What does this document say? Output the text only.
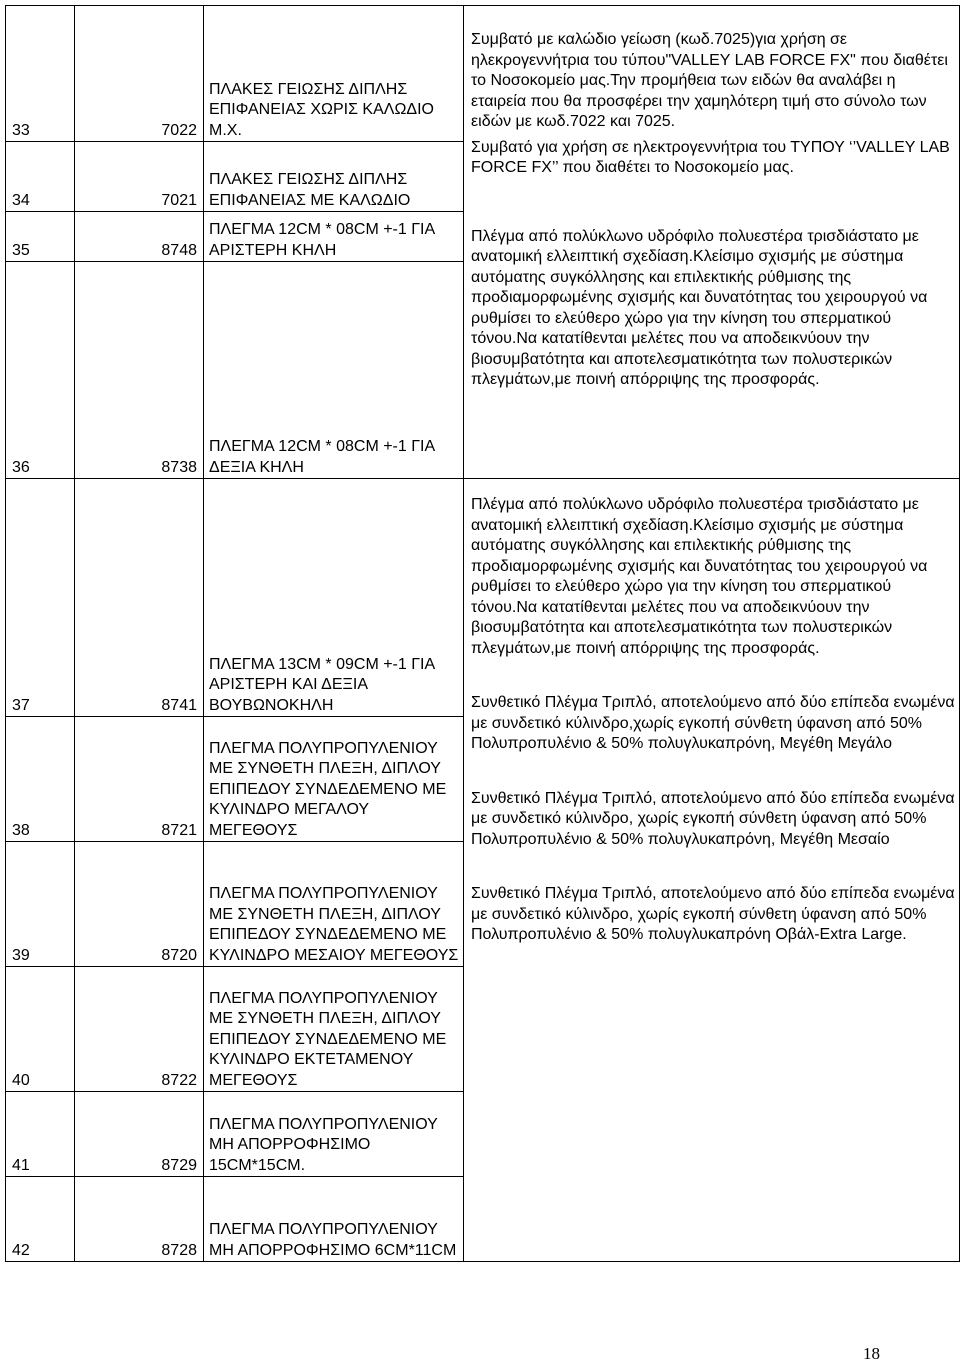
33	7022	ΠΛΑΚΕΣ ΓΕΙΩΣΗΣ ΔΙΠΛΗΣ ΕΠΙΦΑΝΕΙΑΣ ΧΩΡΙΣ ΚΑΛΩΔΙΟ Μ.Χ.	Συμβατό με καλώδιο γείωση (κωδ.7025)για χρήση σε ηλεκρογεννήτρια του τύπου"VALLEY LAB FORCE FX" που διαθέτει το Νοσοκομείο μας.Την προμήθεια των ειδών θα αναλάβει η εταιρεία που θα προσφέρει την χαμηλότερη τιμή στο σύνολο των ειδών με κωδ.7022 και 7025.
Συμβατό για χρήση σε ηλεκτρογεννήτρια του ΤΥΠΟΥ ‘’VALLEY LAB FORCE FX’’ που διαθέτει το Νοσοκομείο μας.
Πλέγμα από πολύκλωνο υδρόφιλο πολυεστέρα τρισδιάστατο με ανατομική ελλειπτική σχεδίαση.Κλείσιμο σχισμής με σύστημα αυτόματης συγκόλλησης και επιλεκτικής ρύθμισης της προδιαμορφωμένης σχισμής και δυνατότητας του χειρουργού να ρυθμίσει το ελεύθερο χώρο για την κίνηση του σπερματικού τόνου.Να κατατίθενται μελέτες που να αποδεικνύουν την βιοσυμβατότητα και αποτελεσματικότητα των πολυστερικών πλεγμάτων,με ποινή απόρριψης της προσφοράς.

34	7021	ΠΛΑΚΕΣ ΓΕΙΩΣΗΣ ΔΙΠΛΗΣ ΕΠΙΦΑΝΕΙΑΣ ΜΕ ΚΑΛΩΔΙΟ	
35	8748	ΠΛΕΓΜΑ 12CM * 08CM +-1 ΓΙΑ ΑΡΙΣΤΕΡΗ ΚΗΛΗ	
36	8738	ΠΛΕΓΜΑ 12CM * 08CM +-1 ΓΙΑ ΔΕΞΙΑ ΚΗΛΗ	
37	8741	ΠΛΕΓΜΑ 13CM * 09CM +-1 ΓΙΑ ΑΡΙΣΤΕΡΗ ΚΑΙ ΔΕΞΙΑ ΒΟΥΒΩΝΟΚΗΛΗ	Πλέγμα από πολύκλωνο υδρόφιλο πολυεστέρα τρισδιάστατο με ανατομική ελλειπτική σχεδίαση.Κλείσιμο σχισμής με σύστημα αυτόματης συγκόλλησης και επιλεκτικής ρύθμισης της προδιαμορφωμένης σχισμής και δυνατότητας του χειρουργού να ρυθμίσει το ελεύθερο χώρο για την κίνηση του σπερματικού τόνου.Να κατατίθενται μελέτες που να αποδεικνύουν την βιοσυμβατότητα και αποτελεσματικότητα των πολυστερικών πλεγμάτων,με ποινή απόρριψης της προσφοράς.
Συνθετικό Πλέγμα Τριπλό, αποτελούμενο από δύο επίπεδα ενωμένα με συνδετικό κύλινδρο,χωρίς εγκοπή σύνθετη ύφανση από 50% Πολυπροπυλένιο & 50% πολυγλυκαπρόνη, Μεγέθη Μεγάλο
Συνθετικό Πλέγμα Τριπλό, αποτελούμενο από δύο επίπεδα ενωμένα με συνδετικό κύλινδρο, χωρίς εγκοπή σύνθετη ύφανση από 50% Πολυπροπυλένιο & 50% πολυγλυκαπρόνη, Μεγέθη Μεσαίο
Συνθετικό Πλέγμα Τριπλό, αποτελούμενο από δύο επίπεδα ενωμένα με συνδετικό κύλινδρο, χωρίς εγκοπή σύνθετη ύφανση από 50% Πολυπροπυλένιο & 50% πολυγλυκαπρόνη Οβάλ-Extra Large.

38	8721	ΠΛΕΓΜΑ ΠΟΛΥΠΡΟΠΥΛΕΝΙΟΥ ΜΕ ΣΥΝΘΕΤΗ ΠΛΕΞΗ, ΔΙΠΛΟΥ ΕΠΙΠΕΔΟΥ ΣΥΝΔΕΔΕΜΕΝΟ ΜΕ ΚΥΛΙΝΔΡΟ ΜΕΓΑΛΟΥ ΜΕΓΕΘΟΥΣ	
39	8720	ΠΛΕΓΜΑ ΠΟΛΥΠΡΟΠΥΛΕΝΙΟΥ ΜΕ ΣΥΝΘΕΤΗ ΠΛΕΞΗ, ΔΙΠΛΟΥ ΕΠΙΠΕΔΟΥ ΣΥΝΔΕΔΕΜΕΝΟ ΜΕ ΚΥΛΙΝΔΡΟ ΜΕΣΑΙΟΥ ΜΕΓΕΘΟΥΣ	
40	8722	ΠΛΕΓΜΑ ΠΟΛΥΠΡΟΠΥΛΕΝΙΟΥ ΜΕ ΣΥΝΘΕΤΗ ΠΛΕΞΗ, ΔΙΠΛΟΥ ΕΠΙΠΕΔΟΥ ΣΥΝΔΕΔΕΜΕΝΟ ΜΕ ΚΥΛΙΝΔΡΟ ΕΚΤΕΤΑΜΕΝΟΥ ΜΕΓΕΘΟΥΣ	
41	8729	ΠΛΕΓΜΑ ΠΟΛΥΠΡΟΠΥΛΕΝΙΟΥ ΜΗ ΑΠΟΡΡΟΦΗΣΙΜΟ 15CM*15CM.	
42	8728	ΠΛΕΓΜΑ ΠΟΛΥΠΡΟΠΥΛΕΝΙΟΥ ΜΗ ΑΠΟΡΡΟΦΗΣΙΜΟ 6CM*11CM	
18
